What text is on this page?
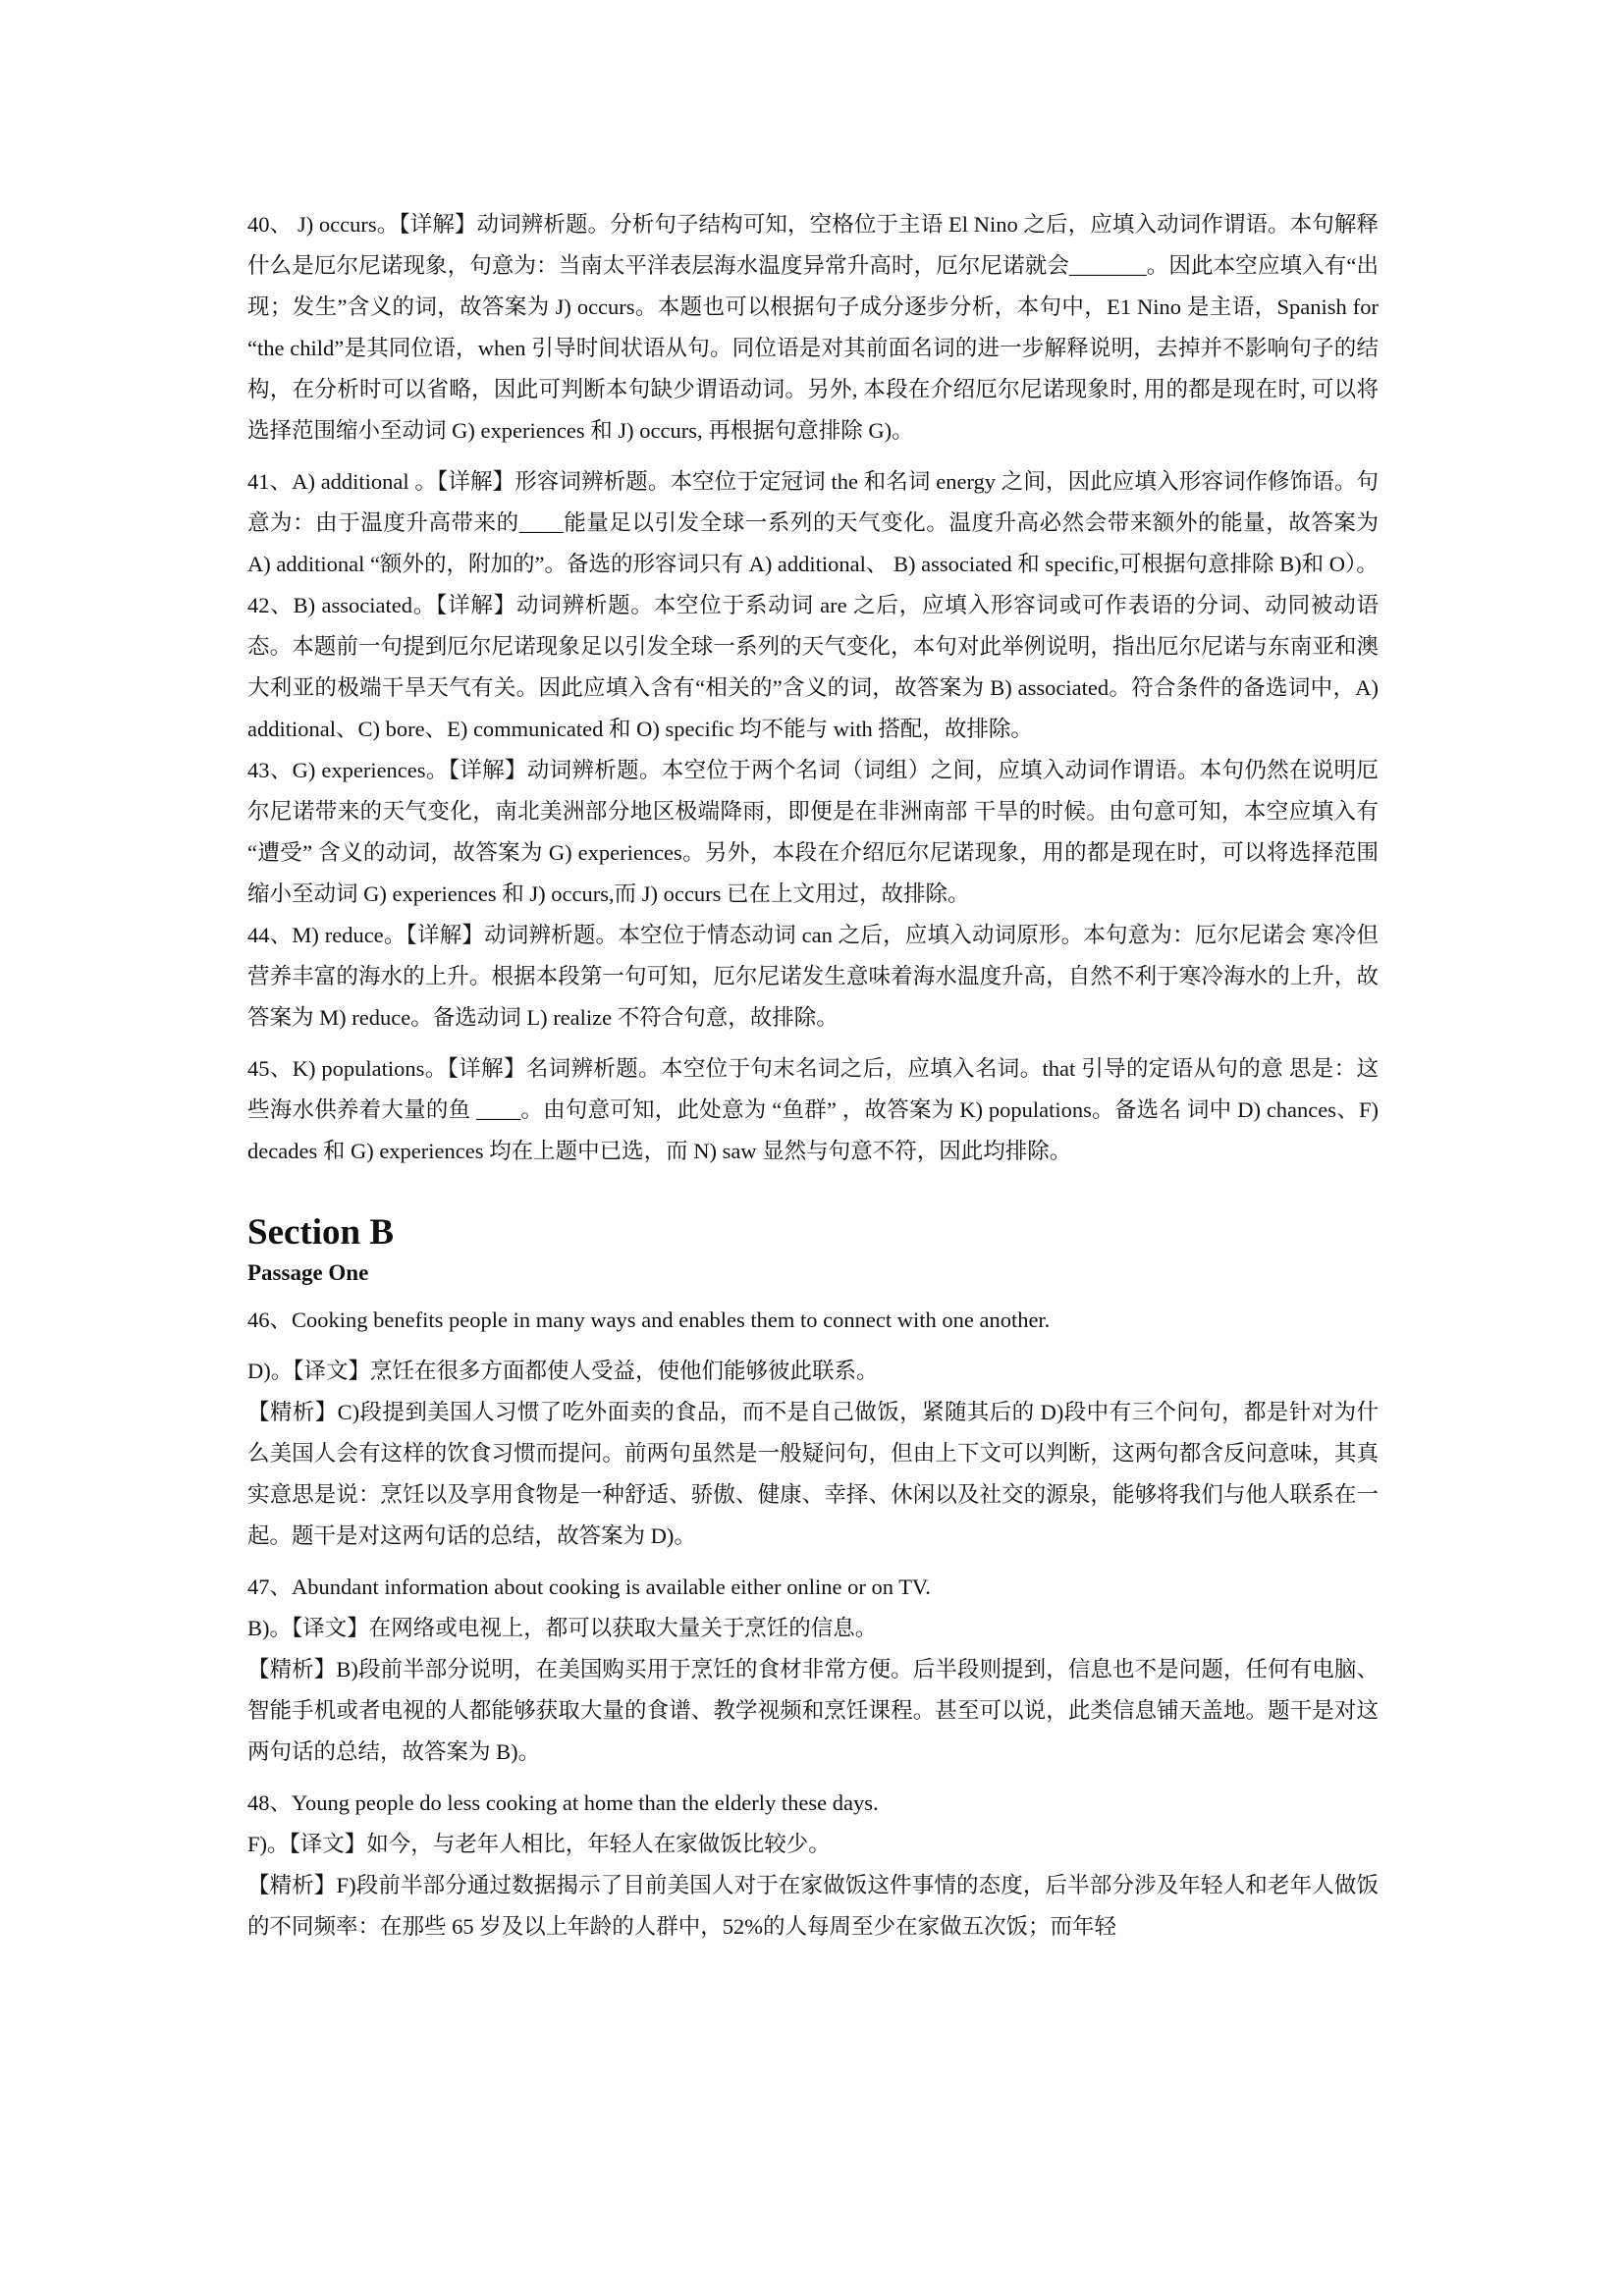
40、 J) occurs。【详解】动词辨析题。分析句子结构可知，空格位于主语 El Nino 之后，应填入动词作谓语。本句解释什么是厄尔尼诺现象，句意为：当南太平洋表层海水温度异常升高时，厄尔尼诺就会_______。因此本空应填入有“出现；发生”含义的词，故答案为 J) occurs。本题也可以根据句子成分逐步分析，本句中，E1 Nino 是主语，Spanish for “the child”是其同位语，when 引导时间状语从句。同位语是对其前面名词的进一步解释说明，去掉并不影响句子的结构，在分析时可以省略，因此可判断本句缺少谓语动词。另外, 本段在介绍厄尔尼诺现象时, 用的都是现在时, 可以将选择范围缩小至动词 G) experiences 和 J) occurs, 再根据句意排除 G)。

41、A) additional 。【详解】形容词辨析题。本空位于定冠词 the 和名词 energy 之间，因此应填入形容词作修饰语。句意为：由于温度升高带来的____能量足以引发全球一系列的天气变化。温度升高必然会带来额外的能量，故答案为 A) additional “额外的，附加的”。备选的形容词只有 A) additional、 B) associated 和 specific,可根据句意排除 B)和 O）。

42、B) associated。【详解】动词辨析题。本空位于系动词 are 之后，应填入形容词或可作表语的分词、动同被动语态。本题前一句提到厄尔尼诺现象足以引发全球一系列的天气变化，本句对此举例说明，指出厄尔尼诺与东南亚和澳大利亚的极端干旱天气有关。因此应填入含有“相关的”含义的词，故答案为 B) associated。符合条件的备选词中，A) additional、C) bore、E) communicated 和 O) specific 均不能与 with 搭配，故排除。

43、G) experiences。【详解】动词辨析题。本空位于两个名词（词组）之间，应填入动词作谓语。本句仍然在说明厄尔尼诺带来的天气变化，南北美洲部分地区极端降雨，即便是在非洲南部 干旱的时候。由句意可知，本空应填入有 “遭受” 含义的动词，故答案为 G) experiences。另外，本段在介绍厄尔尼诺现象，用的都是现在时，可以将选择范围缩小至动词 G) experiences 和 J) occurs,而 J) occurs 已在上文用过，故排除。

44、M) reduce。【详解】动词辨析题。本空位于情态动词 can 之后，应填入动词原形。本句意为：厄尔尼诺会 寒冷但营养丰富的海水的上升。根据本段第一句可知，厄尔尼诺发生意味着海水温度升高，自然不利于寒冷海水的上升，故答案为 M) reduce。备选动词 L) realize 不符合句意，故排除。

45、K) populations。【详解】名词辨析题。本空位于句末名词之后，应填入名词。that 引导的定语从句的意 思是：这些海水供养着大量的鱼 ____。由句意可知，此处意为 “鱼群” ，故答案为 K) populations。备选名 词中 D) chances、F) decades 和 G) experiences 均在上题中已选，而 N) saw 显然与句意不符，因此均排除。

Section B
Passage One

46、Cooking benefits people in many ways and enables them to connect with one another.

D)。【译文】烹饪在很多方面都使人受益，使他们能够彼此联系。

【精析】C)段提到美国人习惯了吃外面卖的食品，而不是自己做饭，紧随其后的 D)段中有三个问句，都是针对为什么美国人会有这样的饮食习惯而提问。前两句虽然是一般疑问句，但由上下文可以判断，这两句都含反问意味，其真实意思是说：烹饪以及享用食物是一种舒适、骄傲、健康、幸择、休闲以及社交的源泉，能够将我们与他人联系在一起。题干是对这两句话的总结，故答案为 D)。

47、Abundant information about cooking is available either online or on TV.

B)。【译文】在网络或电视上，都可以获取大量关于烹饪的信息。

【精析】B)段前半部分说明，在美国购买用于烹饪的食材非常方便。后半段则提到，信息也不是问题，任何有电脑、智能手机或者电视的人都能够获取大量的食谱、教学视频和烹饪课程。甚至可以说，此类信息铺天盖地。题干是对这两句话的总结，故答案为 B)。

48、Young people do less cooking at home than the elderly these days.

F)。【译文】如今，与老年人相比，年轻人在家做饭比较少。

【精析】F)段前半部分通过数据揭示了目前美国人对于在家做饭这件事情的态度，后半部分涉及年轻人和老年人做饭的不同频率：在那些 65 岁及以上年龄的人群中，52%的人每周至少在家做五次饭；而年轻
